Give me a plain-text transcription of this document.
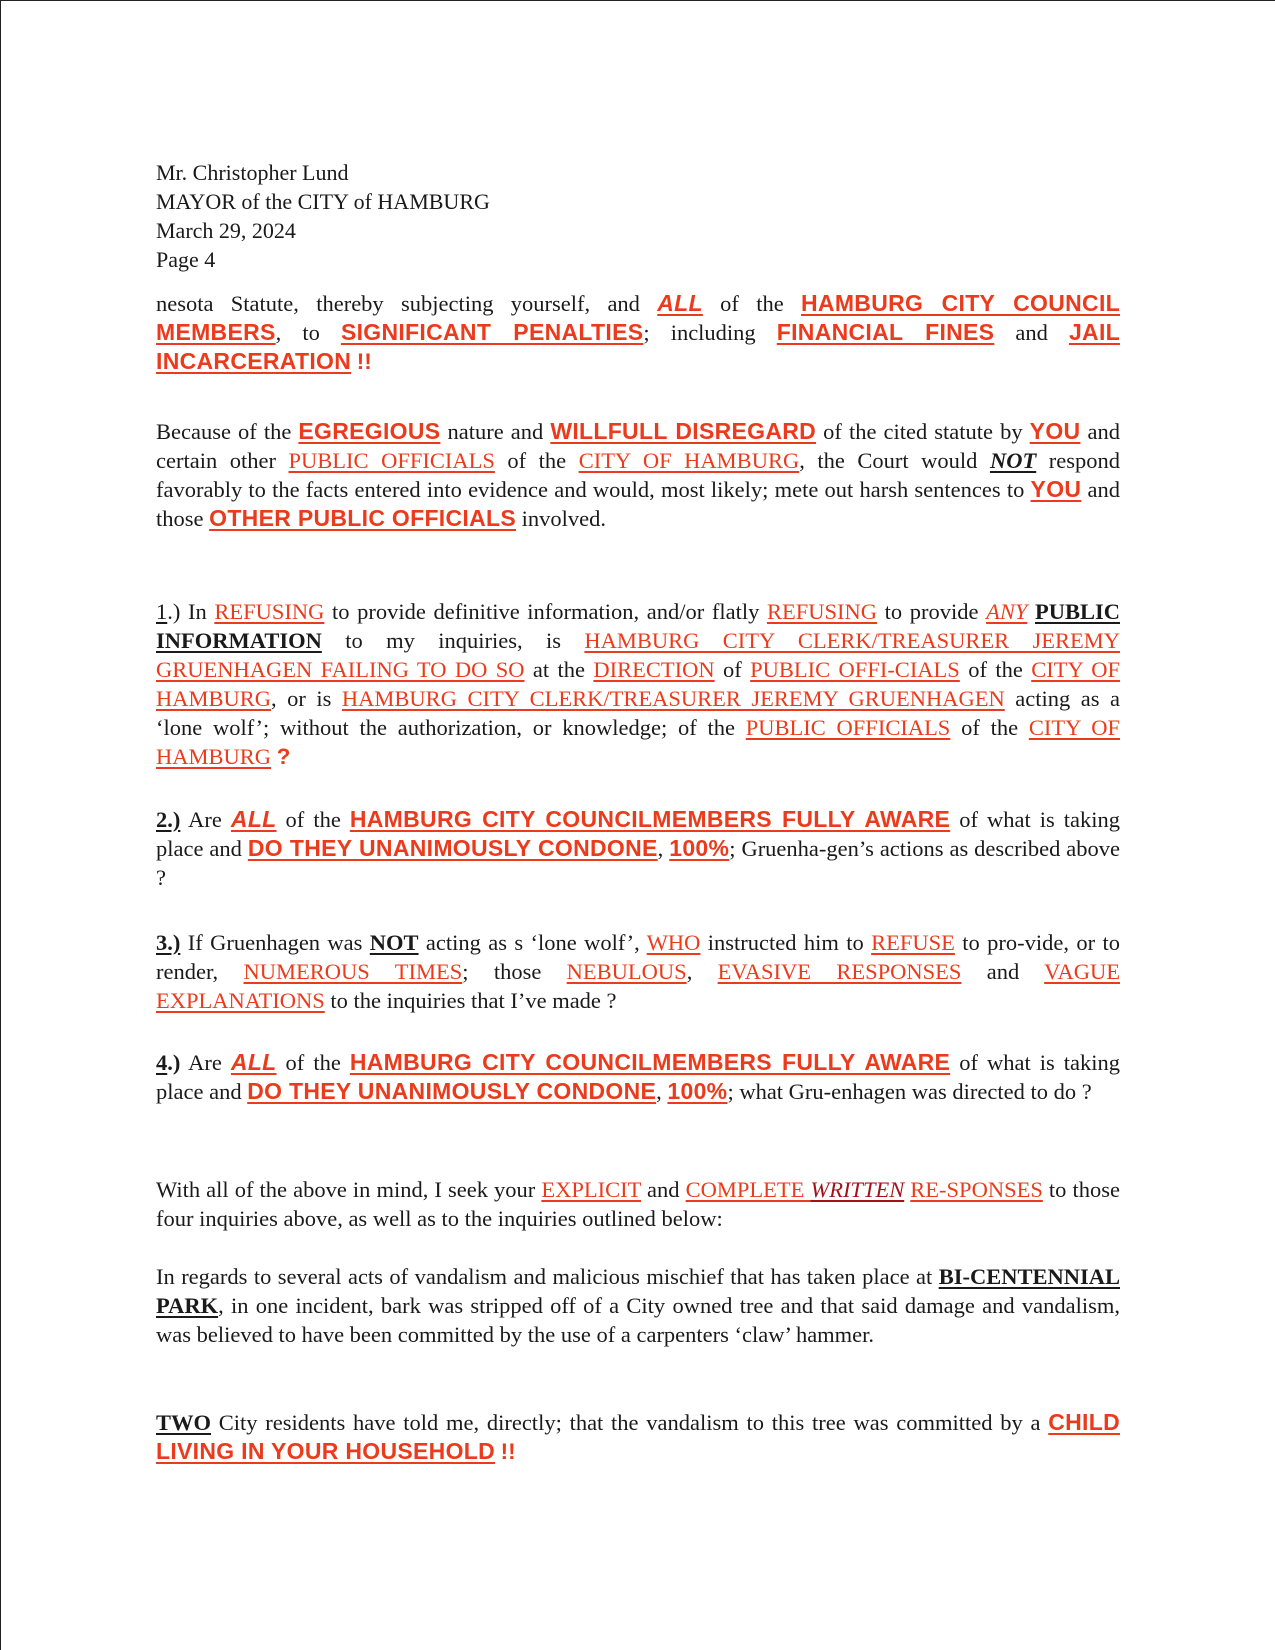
Mr. Christopher Lund
MAYOR of the CITY of HAMBURG
March 29, 2024
Page 4

nesota Statute, thereby subjecting yourself, and ALL of the HAMBURG CITY COUNCIL MEMBERS, to SIGNIFICANT PENALTIES; including FINANCIAL FINES and JAIL INCARCERATION !!

Because of the EGREGIOUS nature and WILLFULL DISREGARD of the cited statute by YOU and certain other PUBLIC OFFICIALS of the CITY OF HAMBURG, the Court would NOT respond favorably to the facts entered into evidence and would, most likely; mete out harsh sentences to YOU and those OTHER PUBLIC OFFICIALS involved.

1.) In REFUSING to provide definitive information, and/or flatly REFUSING to provide ANY PUBLIC INFORMATION to my inquiries, is HAMBURG CITY CLERK/TREASURER JEREMY GRUENHAGEN FAILING TO DO SO at the DIRECTION of PUBLIC OFFI-CIALS of the CITY OF HAMBURG, or is HAMBURG CITY CLERK/TREASURER JEREMY GRUENHAGEN acting as a ‘lone wolf’; without the authorization, or knowledge; of the PUBLIC OFFICIALS of the CITY OF HAMBURG ?

2.) Are ALL of the HAMBURG CITY COUNCILMEMBERS FULLY AWARE of what is taking place and DO THEY UNANIMOUSLY CONDONE, 100%; Gruenha-gen’s actions as described above ?

3.) If Gruenhagen was NOT acting as s ‘lone wolf’, WHO instructed him to REFUSE to pro-vide, or to render, NUMEROUS TIMES; those NEBULOUS, EVASIVE RESPONSES and VAGUE EXPLANATIONS to the inquiries that I’ve made ?

4.) Are ALL of the HAMBURG CITY COUNCILMEMBERS FULLY AWARE of what is taking place and DO THEY UNANIMOUSLY CONDONE, 100%; what Gru-enhagen was directed to do ?

With all of the above in mind, I seek your EXPLICIT and COMPLETE WRITTEN RE-SPONSES to those four inquiries above, as well as to the inquiries outlined below:

In regards to several acts of vandalism and malicious mischief that has taken place at BI-CENTENNIAL PARK, in one incident, bark was stripped off of a City owned tree and that said damage and vandalism, was believed to have been committed by the use of a carpenters ‘claw’ hammer.

TWO City residents have told me, directly; that the vandalism to this tree was committed by a CHILD LIVING IN YOUR HOUSEHOLD !!
